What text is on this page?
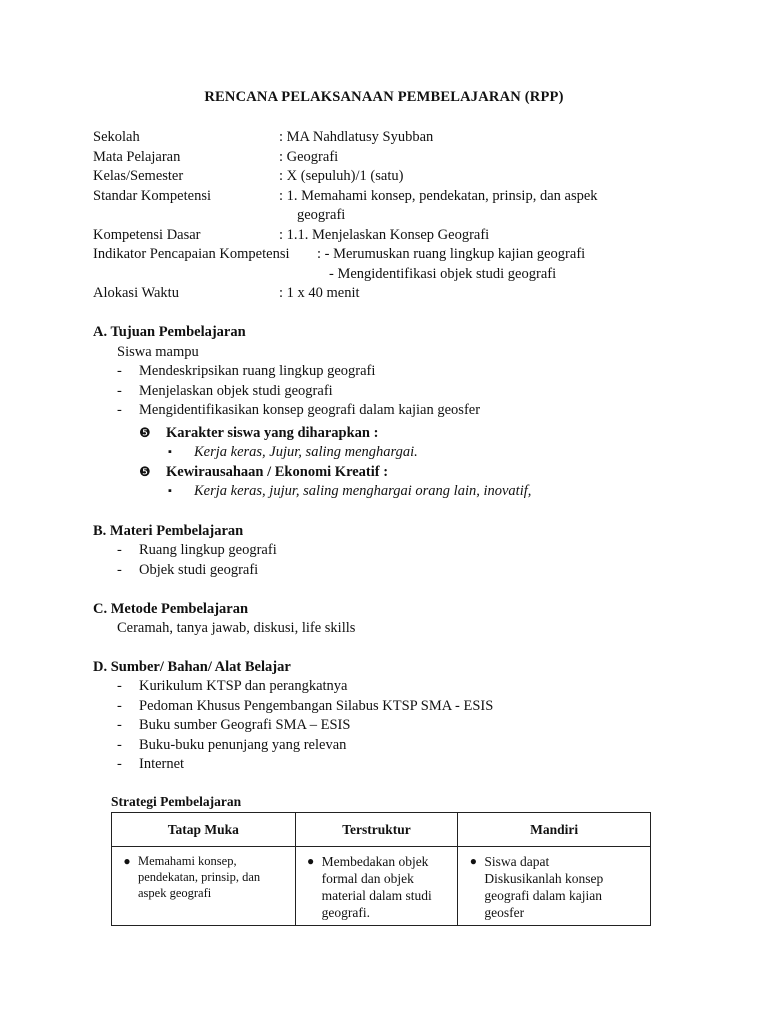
RENCANA PELAKSANAAN PEMBELAJARAN (RPP)
Sekolah	: MA Nahdlatusy Syubban
Mata Pelajaran	: Geografi
Kelas/Semester	: X (sepuluh)/1 (satu)
Standar Kompetensi	: 1. Memahami konsep, pendekatan, prinsip, dan aspek
geografi
Kompetensi Dasar	: 1.1. Menjelaskan Konsep Geografi
Indikator Pencapaian Kompetensi : - Merumuskan ruang lingkup kajian geografi
- Mengidentifikasi objek studi geografi
Alokasi Waktu	: 1 x 40 menit
A. Tujuan Pembelajaran
Siswa mampu
- Mendeskripsikan ruang lingkup geografi
- Menjelaskan objek studi geografi
- Mengidentifikasikan konsep geografi dalam kajian geosfer
❺ Karakter siswa yang diharapkan :
▪ Kerja keras, Jujur, saling menghargai.
❺ Kewirausahaan / Ekonomi Kreatif :
▪ Kerja keras, jujur, saling menghargai orang lain, inovatif,
B. Materi Pembelajaran
- Ruang lingkup geografi
- Objek studi geografi
C. Metode Pembelajaran
Ceramah, tanya jawab, diskusi, life skills
D. Sumber/ Bahan/ Alat Belajar
- Kurikulum KTSP dan perangkatnya
- Pedoman Khusus Pengembangan Silabus KTSP SMA - ESIS
- Buku sumber Geografi SMA – ESIS
- Buku-buku penunjang yang relevan
- Internet
Strategi Pembelajaran
Tatap Muka	Terstruktur	Mandiri

● Memahami konsep,
pendekatan, prinsip, dan
aspek geografi	● Membedakan objek
formal dan objek
material dalam studi
geografi.	● Siswa dapat
Diskusikanlah konsep
geografi dalam kajian
geosfer
